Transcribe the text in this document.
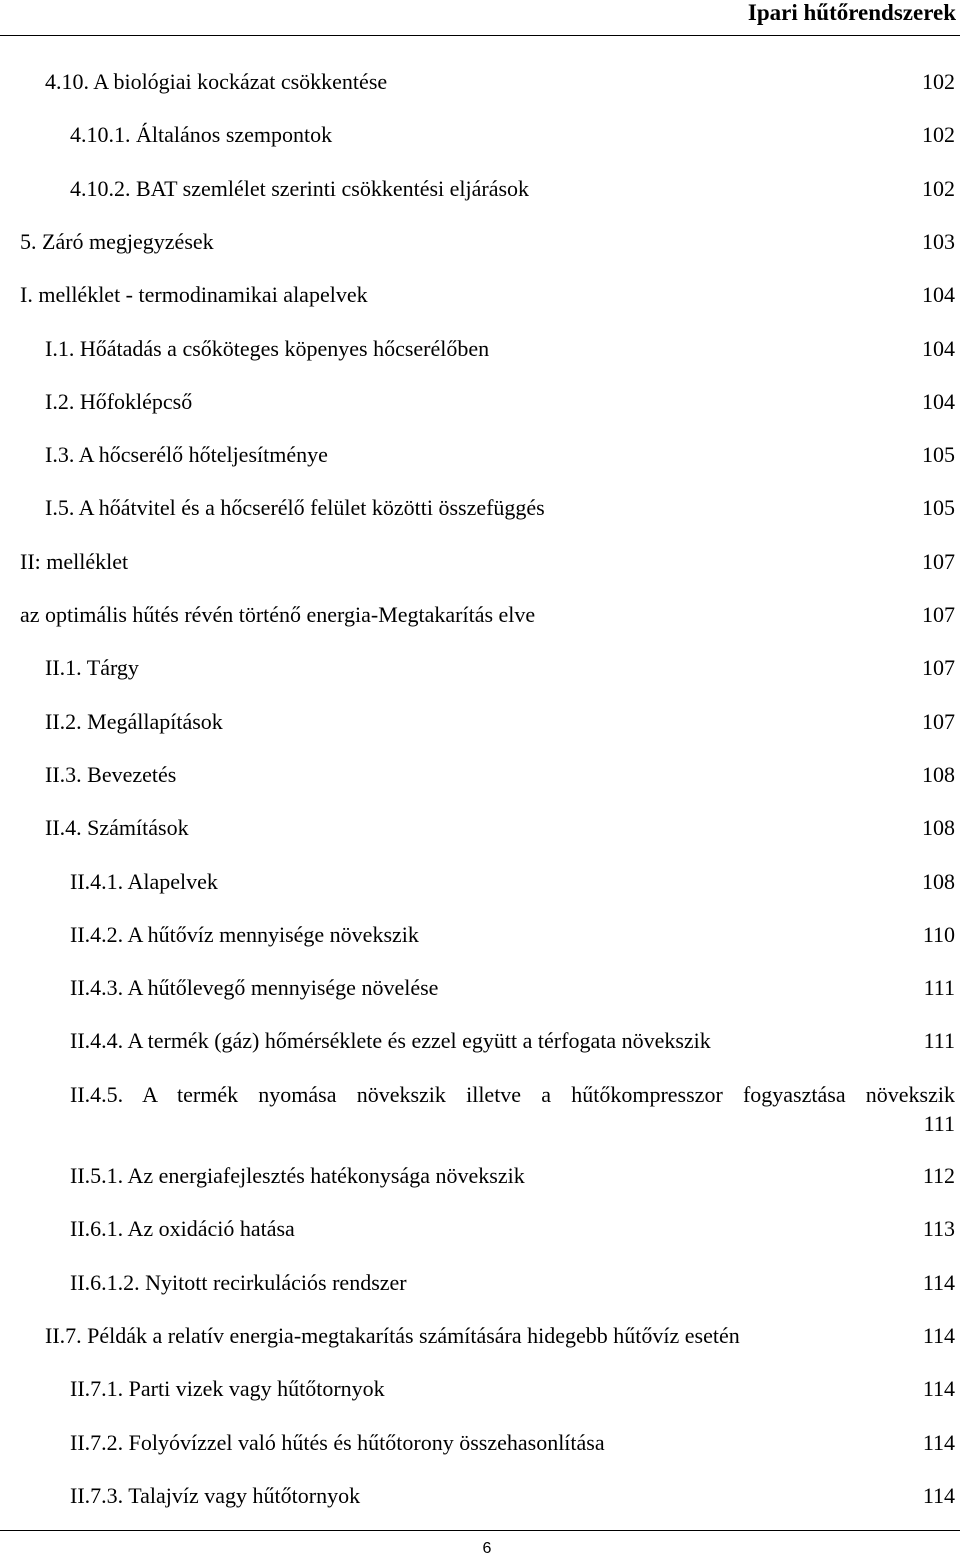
Ipari hűtőrendszerek
4.10. A biológiai kockázat csökkentése	102
4.10.1. Általános szempontok	102
4.10.2. BAT szemlélet szerinti csökkentési eljárások	102
5. Záró megjegyzések	103
I. melléklet - termodinamikai alapelvek	104
I.1. Hőátadás a csőköteges köpenyes hőcserélőben	104
I.2. Hőfoklépcső	104
I.3. A hőcserélő hőteljesítménye	105
I.5. A hőátvitel és a hőcserélő felület közötti összefüggés	105
II: melléklet	107
az optimális hűtés révén történő energia-Megtakarítás elve	107
II.1. Tárgy	107
II.2. Megállapítások	107
II.3. Bevezetés	108
II.4. Számítások	108
II.4.1. Alapelvek	108
II.4.2. A hűtővíz mennyisége növekszik	110
II.4.3. A hűtőlevegő mennyisége növelése	111
II.4.4. A termék (gáz) hőmérséklete és ezzel együtt a térfogata növekszik	111
II.4.5. A termék nyomása növekszik illetve a hűtőkompresszor fogyasztása növekszik
111
II.5.1. Az energiafejlesztés hatékonysága növekszik	112
II.6.1. Az oxidáció hatása	113
II.6.1.2. Nyitott recirkulációs rendszer	114
II.7. Példák a relatív energia-megtakarítás számítására hidegebb hűtővíz esetén	114
II.7.1. Parti vizek vagy hűtőtornyok	114
II.7.2. Folyóvízzel való hűtés és hűtőtorony összehasonlítása	114
II.7.3. Talajvíz vagy hűtőtornyok	114
6
